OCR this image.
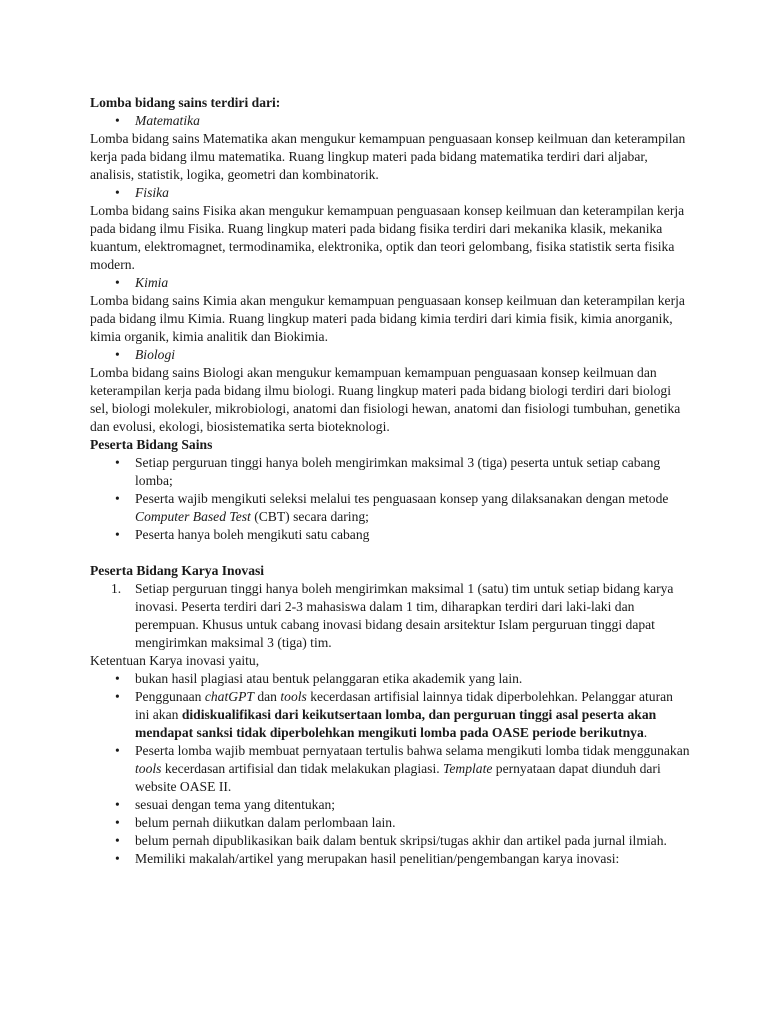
Lomba bidang sains terdiri dari:

•	Matematika

Lomba bidang sains Matematika akan mengukur kemampuan penguasaan konsep keilmuan dan keterampilan kerja pada bidang ilmu matematika. Ruang lingkup materi pada bidang matematika terdiri dari aljabar, analisis, statistik, logika, geometri dan kombinatorik.

•	Fisika

Lomba bidang sains Fisika akan mengukur kemampuan penguasaan konsep keilmuan dan keterampilan kerja pada bidang ilmu Fisika. Ruang lingkup materi pada bidang fisika terdiri dari mekanika klasik, mekanika kuantum, elektromagnet, termodinamika, elektronika, optik dan teori gelombang, fisika statistik serta fisika modern.

•	Kimia

Lomba bidang sains Kimia akan mengukur kemampuan penguasaan konsep keilmuan dan keterampilan kerja pada bidang ilmu Kimia. Ruang lingkup materi pada bidang kimia terdiri dari kimia fisik, kimia anorganik, kimia organik, kimia analitik dan Biokimia.

•	Biologi

Lomba bidang sains Biologi akan mengukur kemampuan kemampuan penguasaan konsep keilmuan dan keterampilan kerja pada bidang ilmu biologi. Ruang lingkup materi pada bidang biologi terdiri dari biologi sel, biologi molekuler, mikrobiologi, anatomi dan fisiologi hewan, anatomi dan fisiologi tumbuhan, genetika dan evolusi, ekologi, biosistematika serta bioteknologi.

Peserta Bidang Sains

• Setiap perguruan tinggi hanya boleh mengirimkan maksimal 3 (tiga) peserta untuk setiap cabang lomba;
• Peserta wajib mengikuti seleksi melalui tes penguasaan konsep yang dilaksanakan dengan metode Computer Based Test (CBT) secara daring;
• Peserta hanya boleh mengikuti satu cabang

Peserta Bidang Karya Inovasi

1. Setiap perguruan tinggi hanya boleh mengirimkan maksimal 1 (satu) tim untuk setiap bidang karya inovasi. Peserta terdiri dari 2-3 mahasiswa dalam 1 tim, diharapkan terdiri dari laki-laki dan perempuan. Khusus untuk cabang inovasi bidang desain arsitektur Islam perguruan tinggi dapat mengirimkan maksimal 3 (tiga) tim.

Ketentuan Karya inovasi yaitu,

• bukan hasil plagiasi atau bentuk pelanggaran etika akademik yang lain.
• Penggunaan chatGPT dan tools kecerdasan artifisial lainnya tidak diperbolehkan. Pelanggar aturan ini akan didiskualifikasi dari keikutsertaan lomba, dan perguruan tinggi asal peserta akan mendapat sanksi tidak diperbolehkan mengikuti lomba pada OASE periode berikutnya.
• Peserta lomba wajib membuat pernyataan tertulis bahwa selama mengikuti lomba tidak menggunakan tools kecerdasan artifisial dan tidak melakukan plagiasi. Template pernyataan dapat diunduh dari website OASE II.
• sesuai dengan tema yang ditentukan;
• belum pernah diikutkan dalam perlombaan lain.
• belum pernah dipublikasikan baik dalam bentuk skripsi/tugas akhir dan artikel pada jurnal ilmiah.
• Memiliki makalah/artikel yang merupakan hasil penelitian/pengembangan karya inovasi:
